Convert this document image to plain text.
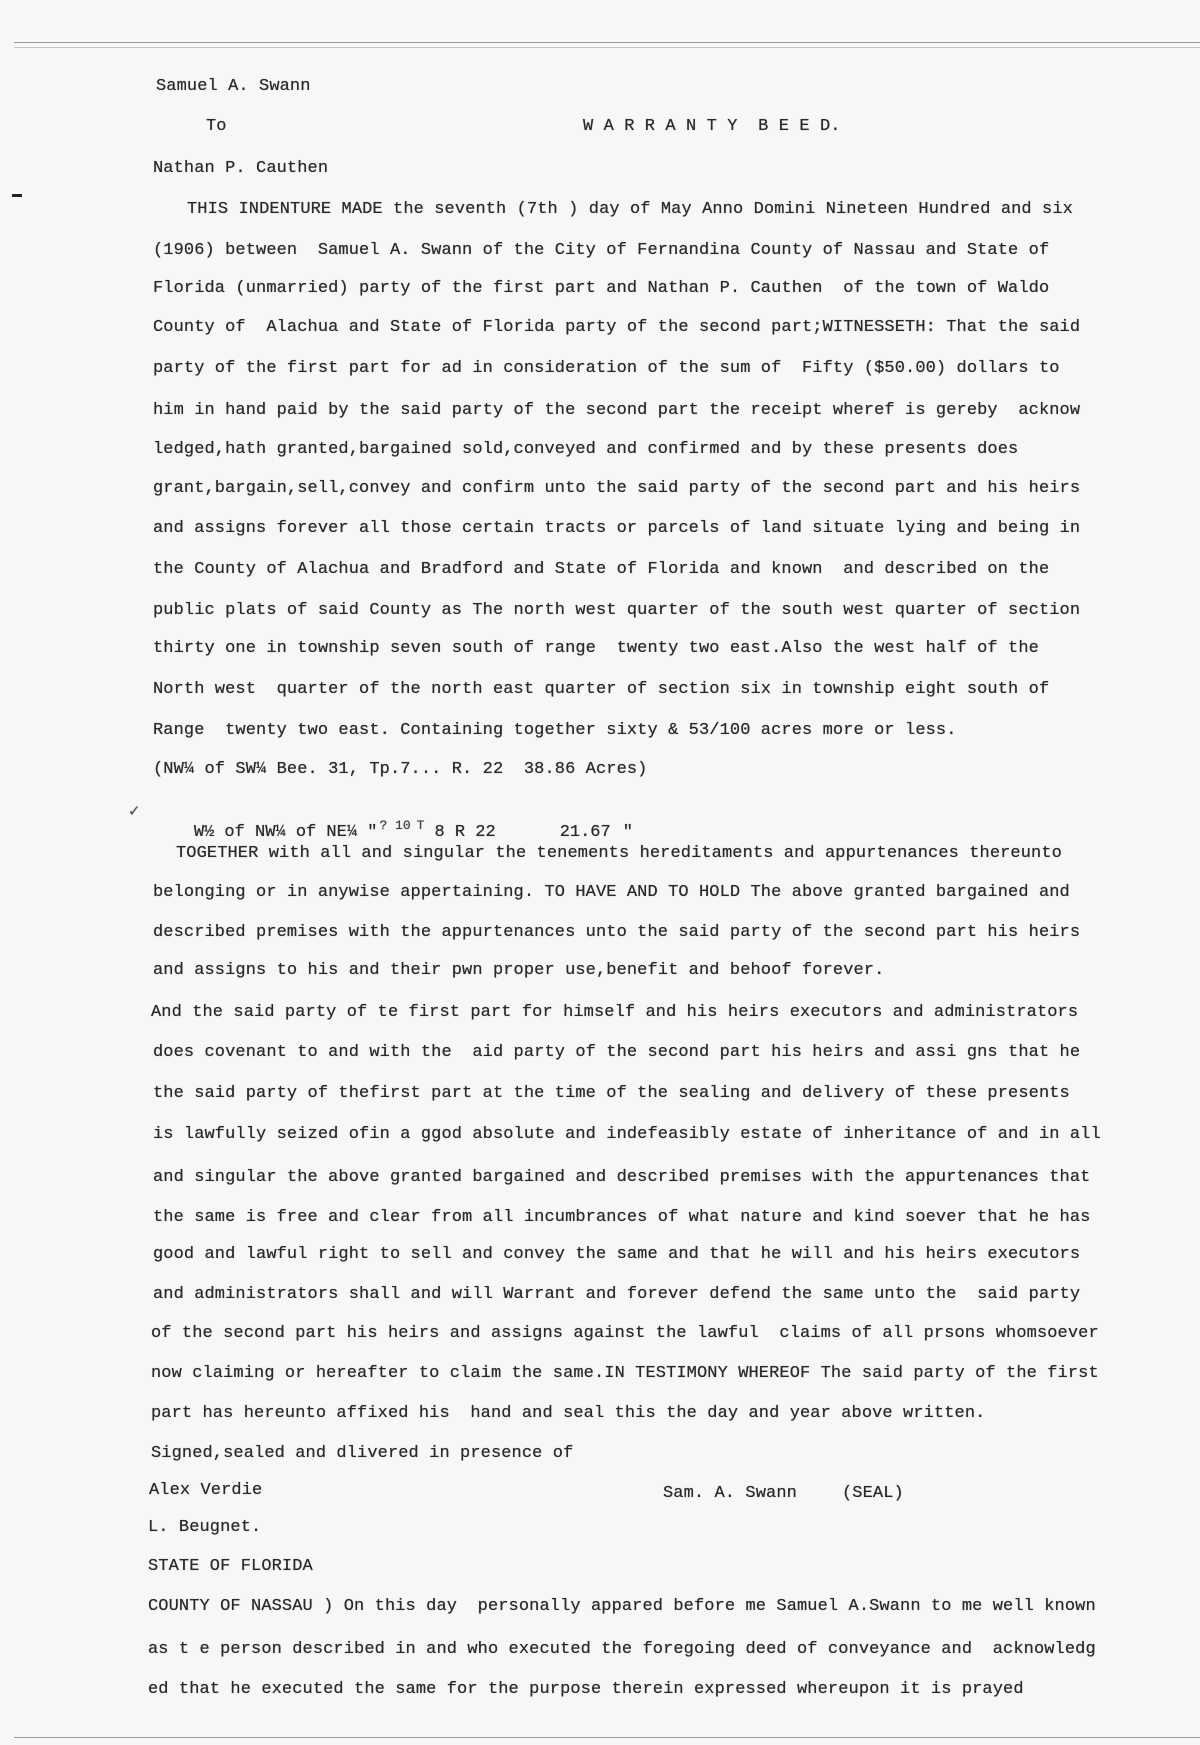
Samuel A. Swann
To	W A R R A N T Y  B E E D.
Nathan P. Cauthen
THIS INDENTURE MADE the seventh (7th ) day of May Anno Domini Nineteen Hundred and six
(1906) between  Samuel A. Swann of the City of Fernandina County of Nassau and State of
Florida (unmarried) party of the first part and Nathan P. Cauthen  of the town of Waldo
County of  Alachua and State of Florida party of the second part;WITNESSETH: That the said
party of the first part for ad in consideration of the sum of  Fifty ($50.00) dollars to
him in hand paid by the said party of the second part the receipt wheref is gereby  acknow
ledged,hath granted,bargained sold,conveyed and confirmed and by these presents does
grant,bargain,sell,convey and confirm unto the said party of the second part and his heirs
and assigns forever all those certain tracts or parcels of land situate lying and being in
the County of Alachua and Bradford and State of Florida and known  and described on the
public plats of said County as The north west quarter of the south west quarter of section
thirty one in township seven south of range  twenty two east.Also the west half of the
North west  quarter of the north east quarter of section six in township eight south of
Range  twenty two east. Containing together sixty & 53/100 acres more or less.
(NW¼ of SW¼ Bee. 31, Tp.7... R. 22  38.86 Acres)
✓

W½ of NW¼ of NE¼ " ? 10 T 8 R 22	21.67 "

TOGETHER with all and singular the tenements hereditaments and appurtenances thereunto
belonging or in anywise appertaining. TO HAVE AND TO HOLD The above granted bargained and
described premises with the appurtenances unto the said party of the second part his heirs
and assigns to his and their pwn proper use,benefit and behoof forever.
And the said party of te first part for himself and his heirs executors and administrators
does covenant to and with the  aid party of the second part his heirs and assi gns that he
the said party of thefirst part at the time of the sealing and delivery of these presents
is lawfully seized ofin a ggod absolute and indefeasibly estate of inheritance of and in all
and singular the above granted bargained and described premises with the appurtenances that
the same is free and clear from all incumbrances of what nature and kind soever that he has
good and lawful right to sell and convey the same and that he will and his heirs executors
and administrators shall and will Warrant and forever defend the same unto the  said party
of the second part his heirs and assigns against the lawful  claims of all prsons whomsoever
now claiming or hereafter to claim the same.IN TESTIMONY WHEREOF The said party of the first
part has hereunto affixed his  hand and seal this the day and year above written.
Signed,sealed and dlivered in presence of
Alex Verdie	Sam. A. Swann	(SEAL)
L. Beugnet.
STATE OF FLORIDA
COUNTY OF NASSAU ) On this day  personally appared before me Samuel A.Swann to me well known
as t e person described in and who executed the foregoing deed of conveyance and  acknowledg
ed that he executed the same for the purpose therein expressed whereupon it is prayed
